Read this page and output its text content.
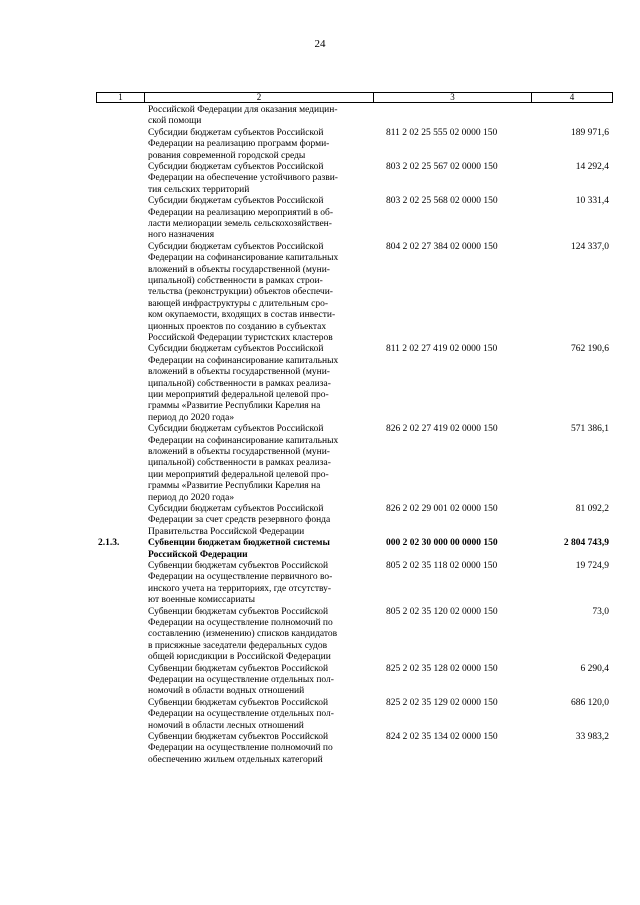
24
1	2	3	4
Российской Федерации для оказания медицин-
ской помощи
Субсидии бюджетам субъектов Российской
Федерации на реализацию программ форми-
рования современной городской среды
811 2 02 25 555 02 0000 150	189 971,6
Субсидии бюджетам субъектов Российской
Федерации на обеспечение устойчивого разви-
тия сельских территорий
803 2 02 25 567 02 0000 150	14 292,4
Субсидии бюджетам субъектов Российской
Федерации на реализацию мероприятий в об-
ласти мелиорации земель сельскохозяйствен-
ного назначения
803 2 02 25 568 02 0000 150	10 331,4
Субсидии бюджетам субъектов Российской
Федерации на софинансирование капитальных
вложений в объекты государственной (муни-
ципальной) собственности в рамках строи-
тельства (реконструкции) объектов обеспечи-
вающей инфраструктуры с длительным сро-
ком окупаемости, входящих в состав инвести-
ционных проектов по созданию в субъектах
Российской Федерации туристских кластеров
804 2 02 27 384 02 0000 150	124 337,0
Субсидии бюджетам субъектов Российской
Федерации на софинансирование капитальных
вложений в объекты государственной (муни-
ципальной) собственности в рамках реализа-
ции мероприятий федеральной целевой про-
граммы «Развитие Республики Карелия на
период до 2020 года»
811 2 02 27 419 02 0000 150	762 190,6
Субсидии бюджетам субъектов Российской
Федерации на софинансирование капитальных
вложений в объекты государственной (муни-
ципальной) собственности в рамках реализа-
ции мероприятий федеральной целевой про-
граммы «Развитие Республики Карелия на
период до 2020 года»
826 2 02 27 419 02 0000 150	571 386,1
Субсидии бюджетам субъектов Российской
Федерации за счет средств резервного фонда
Правительства Российской Федерации
826 2 02 29 001 02 0000 150	81 092,2
2.1.3.	Субвенции бюджетам бюджетной системы
Российской Федерации
000 2 02 30 000 00 0000 150	2 804 743,9
Субвенции бюджетам субъектов Российской
Федерации на осуществление первичного во-
инского учета на территориях, где отсутству-
ют военные комиссариаты
805 2 02 35 118 02 0000 150	19 724,9
Субвенции бюджетам субъектов Российской
Федерации на осуществление полномочий по
составлению (изменению) списков кандидатов
в присяжные заседатели федеральных судов
общей юрисдикции в Российской Федерации
805 2 02 35 120 02 0000 150	73,0
Субвенции бюджетам субъектов Российской
Федерации на осуществление отдельных пол-
номочий в области водных отношений
825 2 02 35 128 02 0000 150	6 290,4
Субвенции бюджетам субъектов Российской
Федерации на осуществление отдельных пол-
номочий в области лесных отношений
825 2 02 35 129 02 0000 150	686 120,0
Субвенции бюджетам субъектов Российской
Федерации на осуществление полномочий по
обеспечению жильем отдельных категорий
824 2 02 35 134 02 0000 150	33 983,2
